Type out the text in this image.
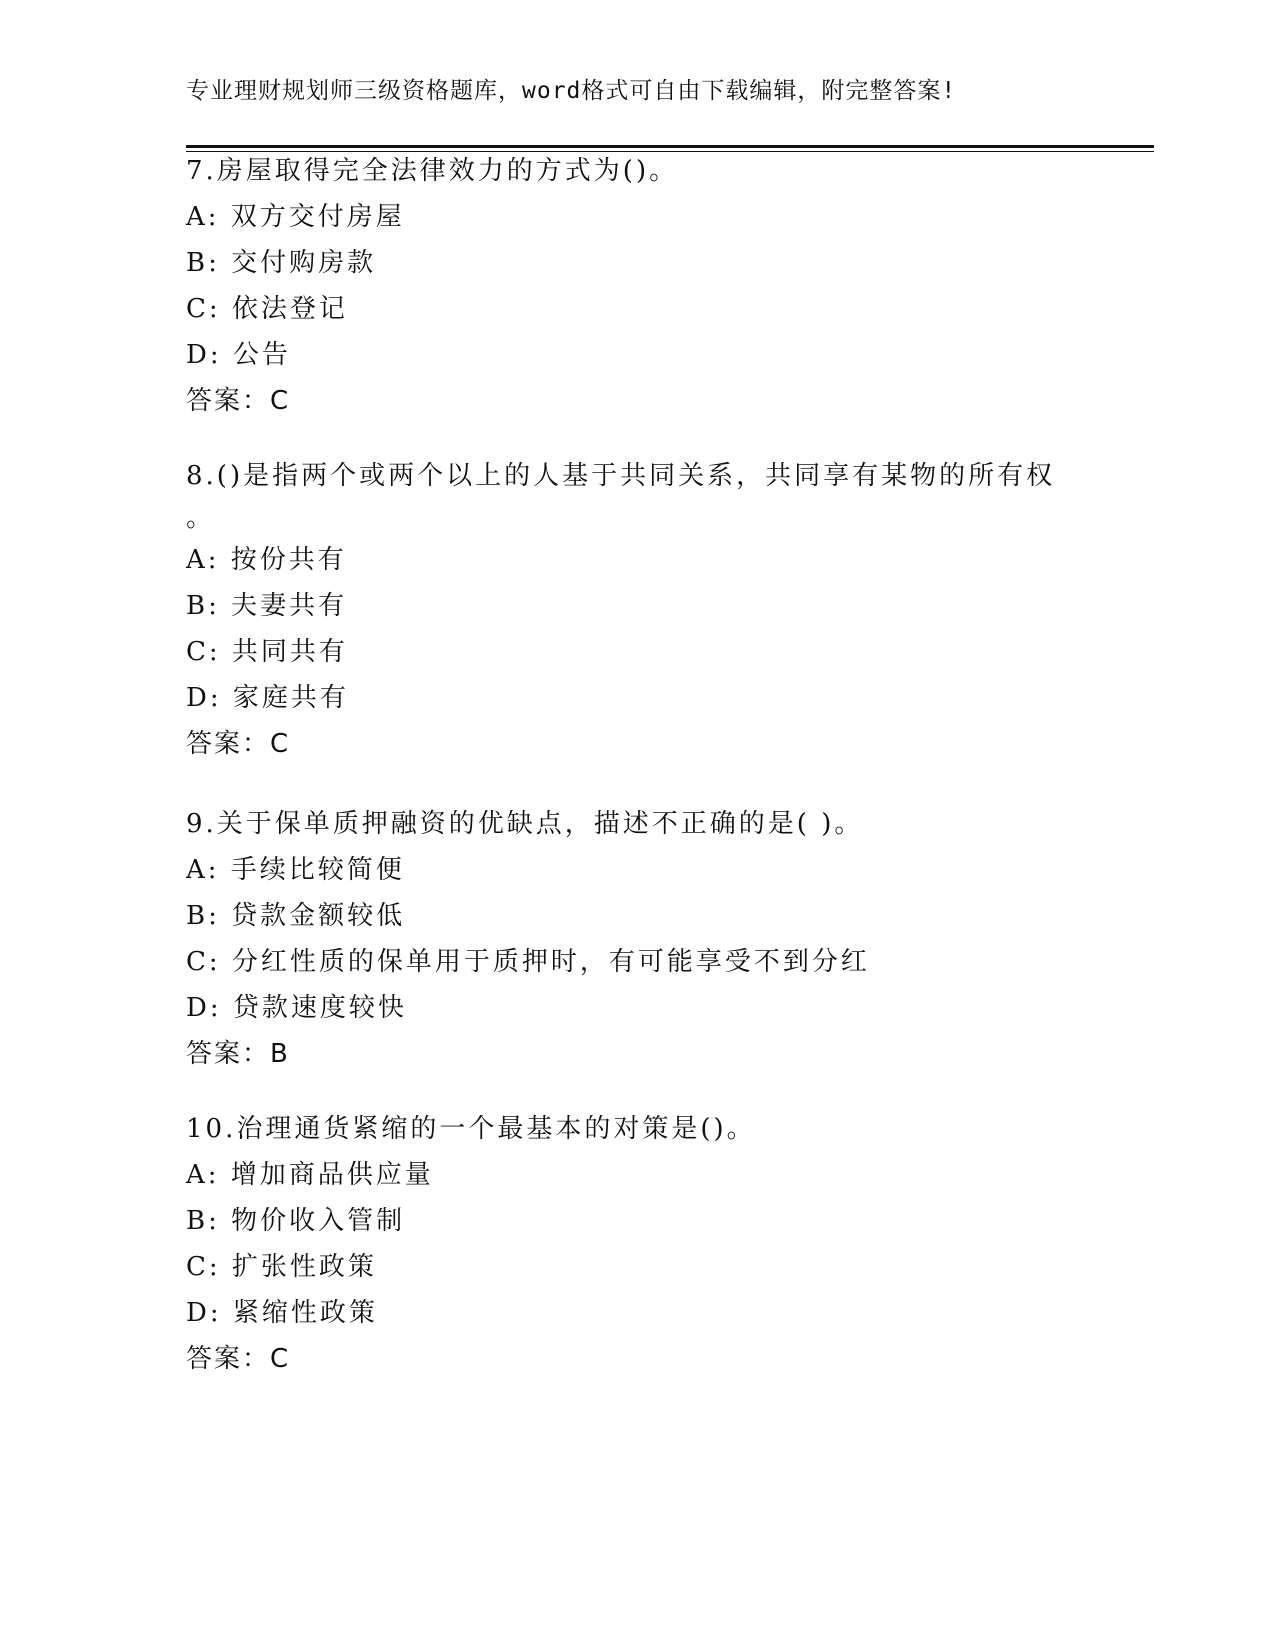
专业理财规划师三级资格题库，word格式可自由下载编辑，附完整答案!
7.房屋取得完全法律效力的方式为()。
A: 双方交付房屋
B: 交付购房款
C: 依法登记
D: 公告
答案：C
8.()是指两个或两个以上的人基于共同关系，共同享有某物的所有权
。
A: 按份共有
B: 夫妻共有
C: 共同共有
D: 家庭共有
答案：C
9.关于保单质押融资的优缺点，描述不正确的是( )。
A: 手续比较简便
B: 贷款金额较低
C: 分红性质的保单用于质押时，有可能享受不到分红
D: 贷款速度较快
答案：B
10.治理通货紧缩的一个最基本的对策是()。
A: 增加商品供应量
B: 物价收入管制
C: 扩张性政策
D: 紧缩性政策
答案：C
